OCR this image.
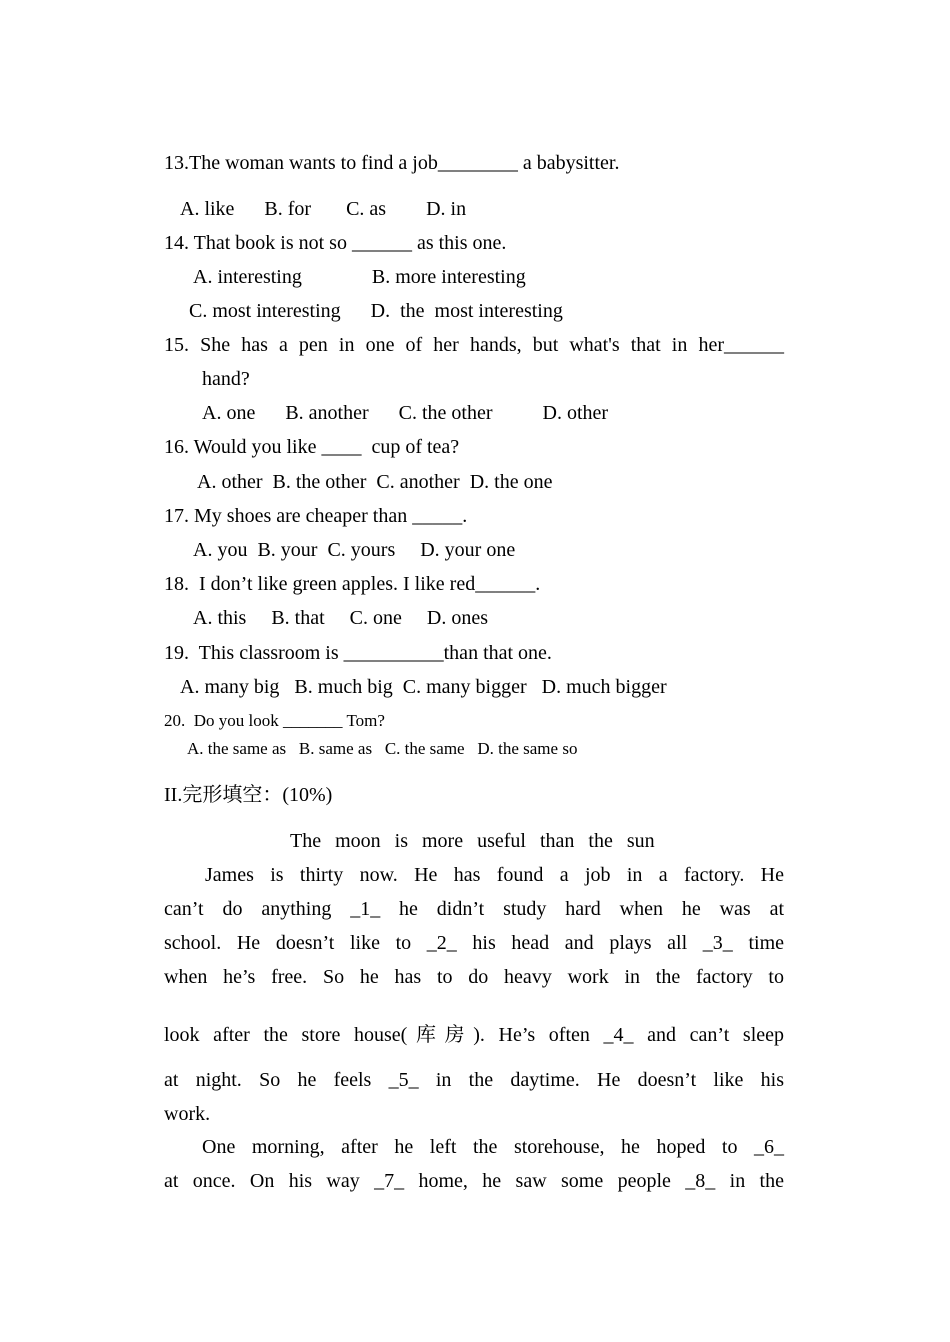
13.The woman wants to find a job________ a babysitter.
A. like      B. for       C. as        D. in
14. That book is not so ______ as this one.
A. interesting              B. more interesting
C. most interesting      D.  the  most interesting
15. She has a pen in one of her hands, but what's that in her______
hand?
A. one      B. another      C. the other          D. other
16. Would you like ____  cup of tea?
A. other  B. the other  C. another  D. the one
17. My shoes are cheaper than _____.
A. you  B. your  C. yours     D. your one
18.  I don’t like green apples. I like red______.
A. this     B. that     C. one     D. ones
19.  This classroom is __________than that one.
A. many big   B. much big  C. many bigger   D. much bigger
20.  Do you look _______ Tom?
A. the same as   B. same as   C. the same   D. the same so
II.完形填空：(10%)
The  moon  is  more  useful  than  the  sun
James is thirty now. He has found a job in a factory. He
can’t do anything _1_ he didn’t study hard when he was at
school. He doesn’t like to _2_ his head and plays all _3_ time
when he’s free. So he has to do heavy work in the factory to
look after the store house(库房). He’s often _4_ and can’t sleep
at night. So he feels _5_ in the daytime. He doesn’t like his
work.
One morning, after he left the storehouse, he hoped to _6_
at once. On his way _7_ home, he saw some people _8_ in the
